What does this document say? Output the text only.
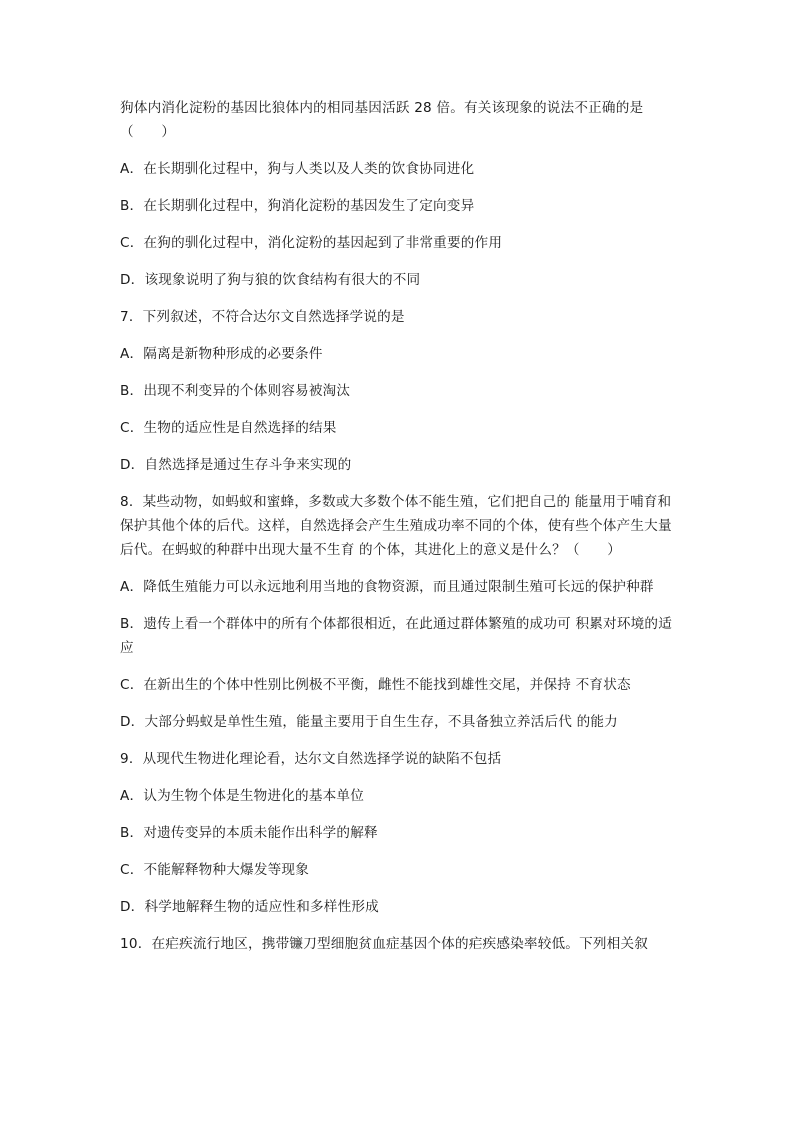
狗体内消化淀粉的基因比狼体内的相同基因活跃 28 倍。有关该现象的说法不正确的是（　　）

A．在长期驯化过程中，狗与人类以及人类的饮食协同进化

B．在长期驯化过程中，狗消化淀粉的基因发生了定向变异

C．在狗的驯化过程中，消化淀粉的基因起到了非常重要的作用

D．该现象说明了狗与狼的饮食结构有很大的不同

7．下列叙述，不符合达尔文自然选择学说的是

A．隔离是新物种形成的必要条件

B．出现不利变异的个体则容易被淘汰

C．生物的适应性是自然选择的结果

D．自然选择是通过生存斗争来实现的

8．某些动物，如蚂蚁和蜜蜂，多数或大多数个体不能生殖，它们把自己的 能量用于哺育和保护其他个体的后代。这样，自然选择会产生生殖成功率不同的个体，使有些个体产生大量后代。在蚂蚁的种群中出现大量不生育 的个体，其进化上的意义是什么？（　　）

A．降低生殖能力可以永远地利用当地的食物资源，而且通过限制生殖可长远的保护种群

B．遗传上看一个群体中的所有个体都很相近，在此通过群体繁殖的成功可 积累对环境的适应

C．在新出生的个体中性别比例极不平衡，雌性不能找到雄性交尾，并保持 不育状态

D．大部分蚂蚁是单性生殖，能量主要用于自生生存，不具备独立养活后代 的能力

9．从现代生物进化理论看，达尔文自然选择学说的缺陷不包括

A．认为生物个体是生物进化的基本单位

B．对遗传变异的本质未能作出科学的解释

C．不能解释物种大爆发等现象

D．科学地解释生物的适应性和多样性形成

10．在疟疾流行地区，携带镰刀型细胞贫血症基因个体的疟疾感染率较低。下列相关叙
